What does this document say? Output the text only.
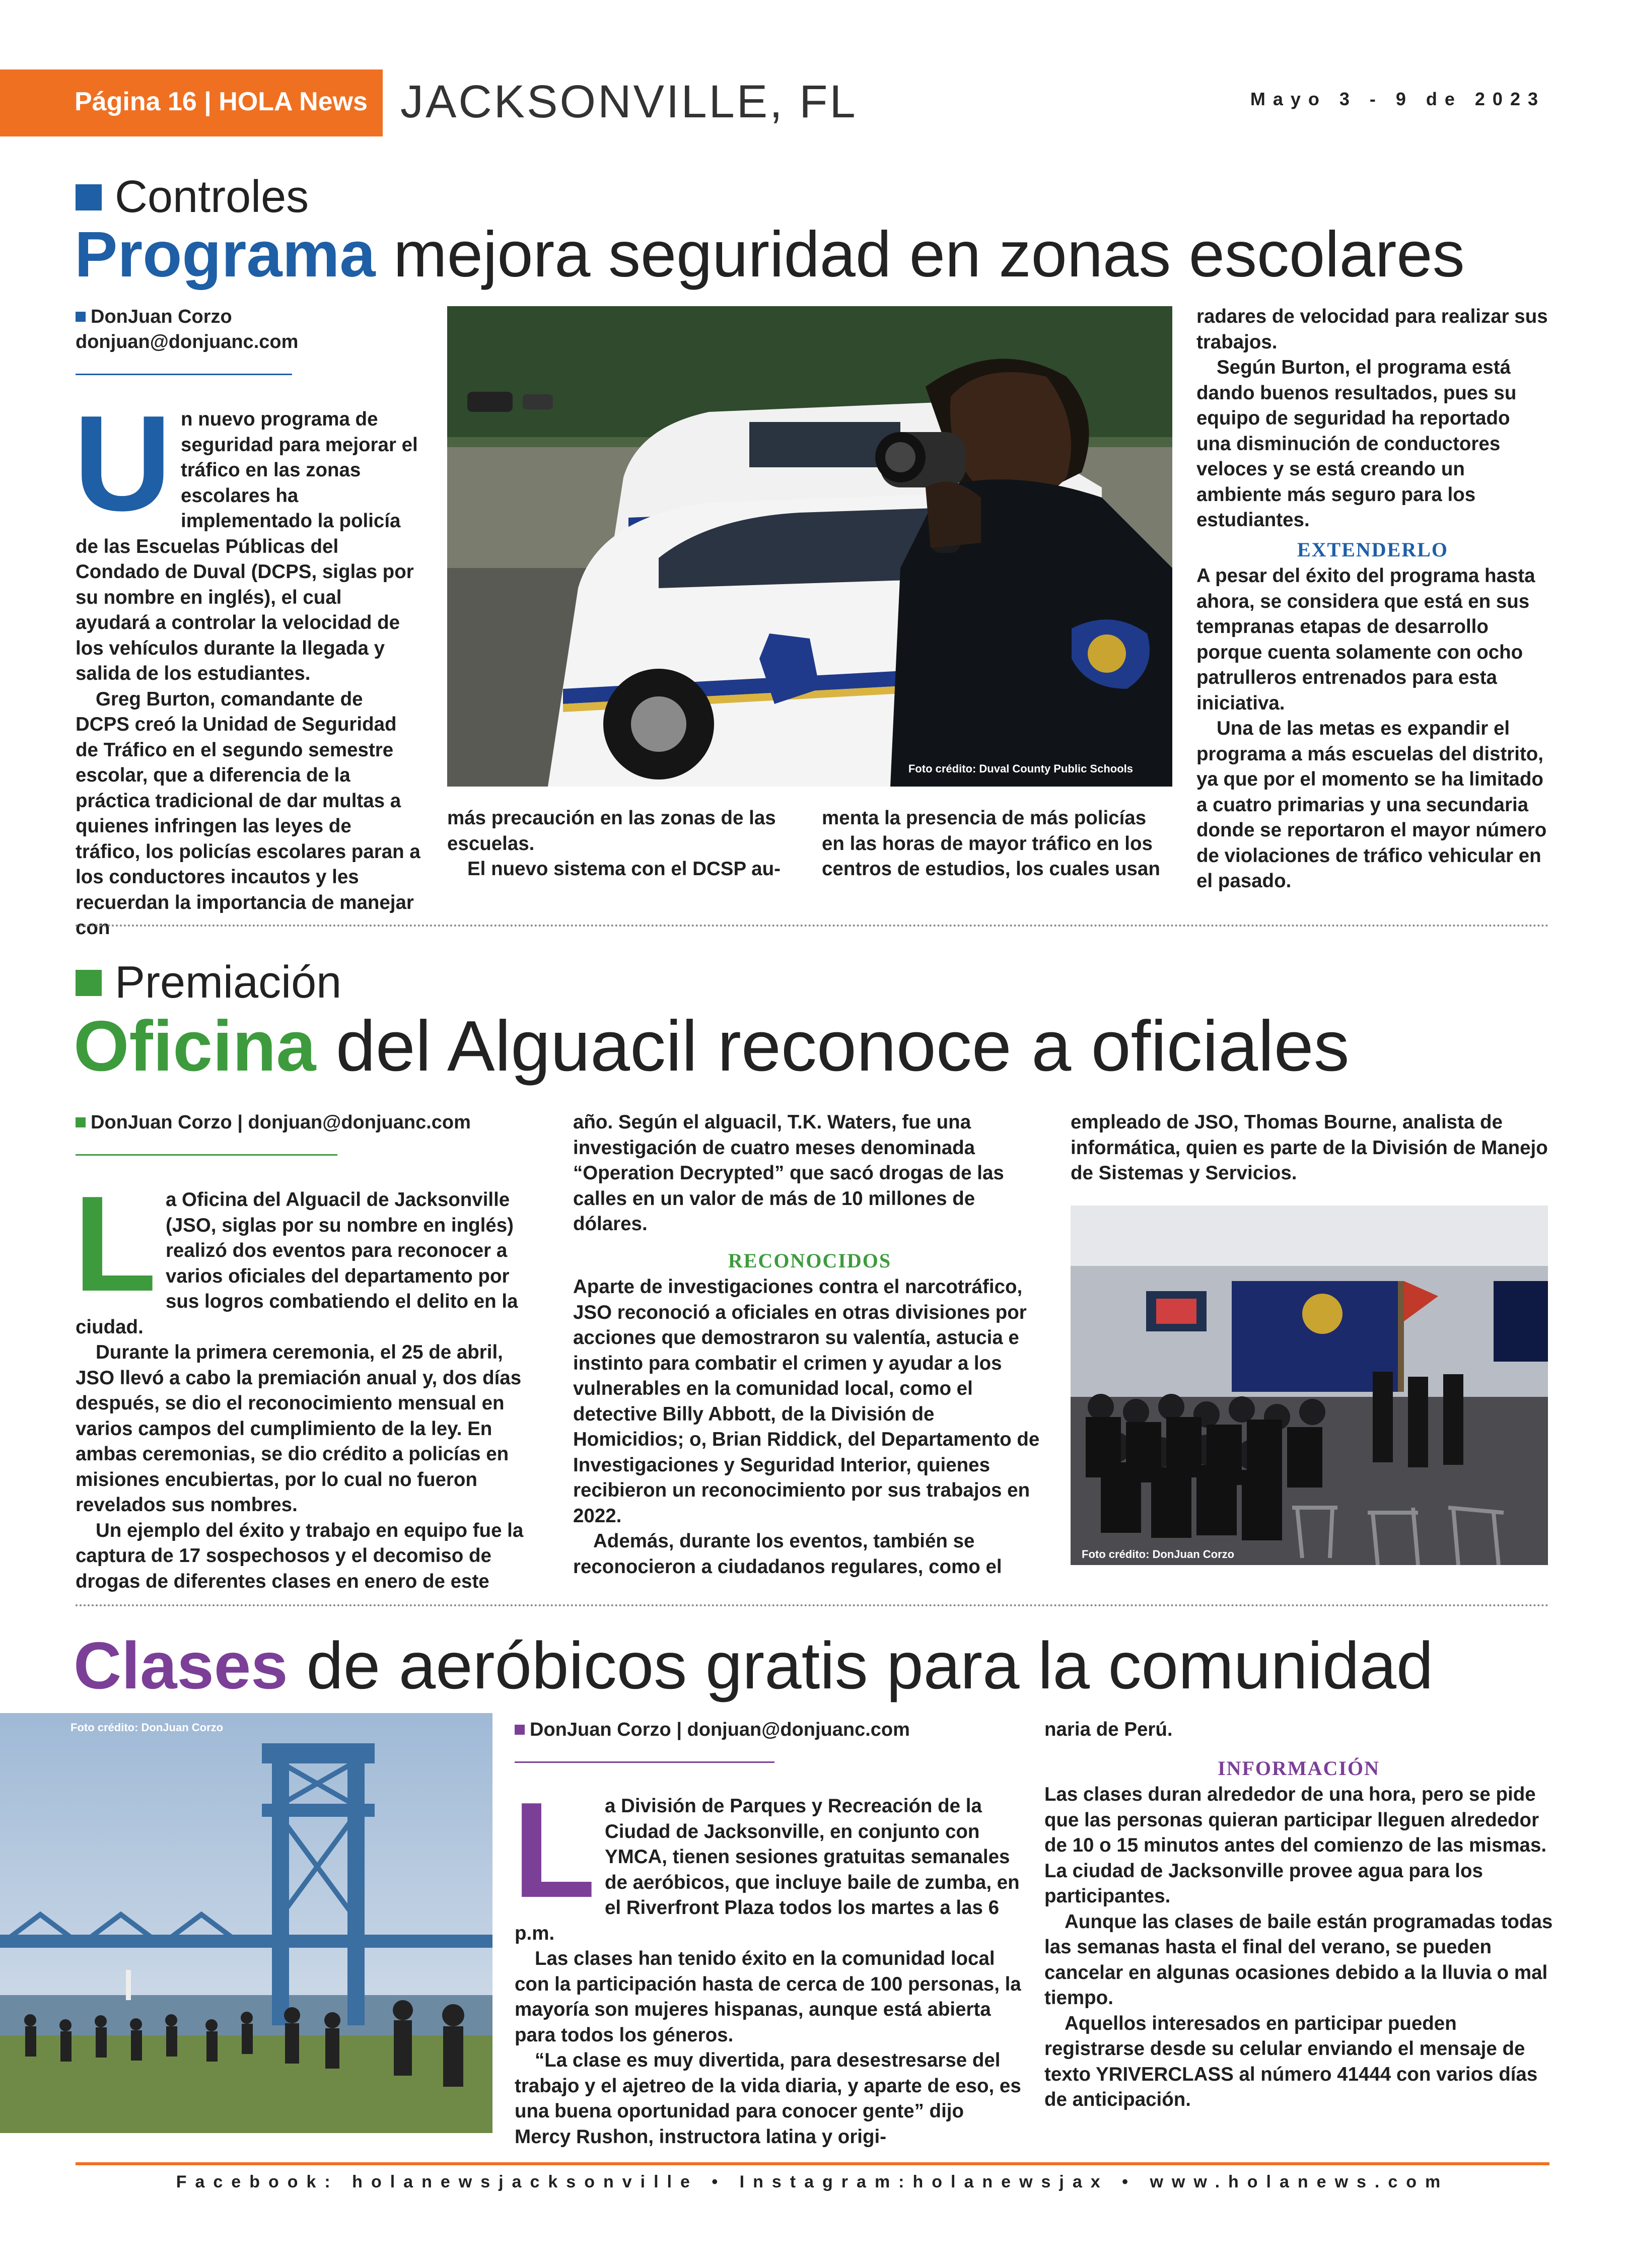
Página 16 | HOLA News JACKSONVILLE, FL	Mayo 3 - 9 de 2023
Controles
Programa mejora seguridad en zonas escolares
DonJuan Corzo
donjuan@donjuanc.com
U n nuevo programa de seguridad para mejorar el tráfico en las zonas escolares ha implementado la policía de las Escuelas Públicas del Condado de Duval (DCPS, siglas por su nombre en inglés), el cual ayudará a controlar la velocidad de los vehículos durante la llegada y salida de los estudiantes.

Greg Burton, comandante de DCPS creó la Unidad de Seguridad de Tráfico en el segundo semestre escolar, que a diferencia de la práctica tradicional de dar multas a quienes infringen las leyes de tráfico, los policías escolares paran a los conductores incautos y les recuerdan la importancia de manejar con

Foto crédito: Duval County Public Schools

más precaución en las zonas de las escuelas.

El nuevo sistema con el DCSP au-

menta la presencia de más policías en las horas de mayor tráfico en los centros de estudios, los cuales usan

radares de velocidad para realizar sus trabajos.

Según Burton, el programa está dando buenos resultados, pues su equipo de seguridad ha reportado una disminución de conductores veloces y se está creando un ambiente más seguro para los estudiantes.

EXTENDERLO

A pesar del éxito del programa hasta ahora, se considera que está en sus tempranas etapas de desarrollo porque cuenta solamente con ocho patrulleros entrenados para esta iniciativa.

Una de las metas es expandir el programa a más escuelas del distrito, ya que por el momento se ha limitado a cuatro primarias y una secundaria donde se reportaron el mayor número de violaciones de tráfico vehicular en el pasado.

Premiación
Oficina del Alguacil reconoce a oficiales
DonJuan Corzo | donjuan@donjuanc.com
L a Oficina del Alguacil de Jacksonville (JSO, siglas por su nombre en inglés) realizó dos eventos para reconocer a varios oficiales del departamento por sus logros combatiendo el delito en la ciudad.

Durante la primera ceremonia, el 25 de abril, JSO llevó a cabo la premiación anual y, dos días después, se dio el reconocimiento mensual en varios campos del cumplimiento de la ley. En ambas ceremonias, se dio crédito a policías en misiones encubiertas, por lo cual no fueron revelados sus nombres.

Un ejemplo del éxito y trabajo en equipo fue la captura de 17 sospechosos y el decomiso de drogas de diferentes clases en enero de este

año. Según el alguacil, T.K. Waters, fue una investigación de cuatro meses denominada “Operation Decrypted” que sacó drogas de las calles en un valor de más de 10 millones de dólares.

RECONOCIDOS

Aparte de investigaciones contra el narcotráfico, JSO reconoció a oficiales en otras divisiones por acciones que demostraron su valentía, astucia e instinto para combatir el crimen y ayudar a los vulnerables en la comunidad local, como el detective Billy Abbott, de la División de Homicidios; o, Brian Riddick, del Departamento de Investigaciones y Seguridad Interior, quienes recibieron un reconocimiento por sus trabajos en 2022.

Además, durante los eventos, también se reconocieron a ciudadanos regulares, como el

empleado de JSO, Thomas Bourne, analista de informática, quien es parte de la División de Manejo de Sistemas y Servicios.

Foto crédito: DonJuan Corzo
Clases de aeróbicos gratis para la comunidad
Foto crédito: DonJuan Corzo	DonJuan Corzo | donjuan@donjuanc.com
L a División de Parques y Recreación de la Ciudad de Jacksonville, en conjunto con YMCA, tienen sesiones gratuitas semanales de aeróbicos, que incluye baile de zumba, en el Riverfront Plaza todos los martes a las 6 p.m.

Las clases han tenido éxito en la comunidad local con la participación hasta de cerca de 100 personas, la mayoría son mujeres hispanas, aunque está abierta para todos los géneros.

“La clase es muy divertida, para desestresarse del trabajo y el ajetreo de la vida diaria, y aparte de eso, es una buena oportunidad para conocer gente” dijo Mercy Rushon, instructora latina y origi-

naria de Perú.

INFORMACIÓN

Las clases duran alrededor de una hora, pero se pide que las personas quieran participar lleguen alrededor de 10 o 15 minutos antes del comienzo de las mismas. La ciudad de Jacksonville provee agua para los participantes.

Aunque las clases de baile están programadas todas las semanas hasta el final del verano, se pueden cancelar en algunas ocasiones debido a la lluvia o mal tiempo.

Aquellos interesados en participar pueden registrarse desde su celular enviando el mensaje de texto YRIVERCLASS al número 41444 con varios días de anticipación.

Facebook: holanewsjacksonville • Instagram:holanewsjax • www.holanews.com
